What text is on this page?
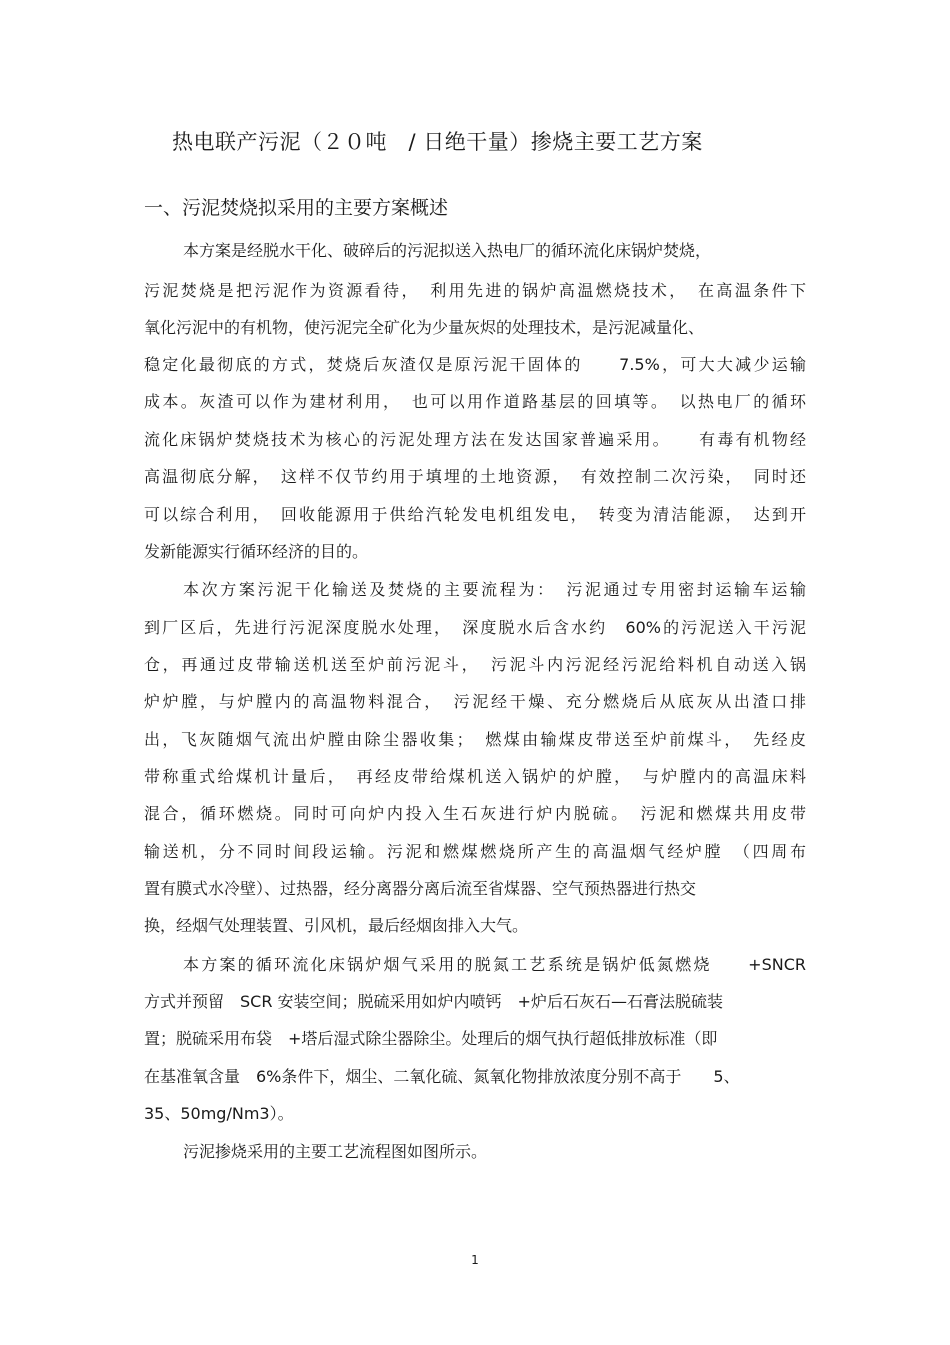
热电联产污泥（２０吨　/ 日绝干量）掺烧主要工艺方案
一、污泥焚烧拟采用的主要方案概述
本方案是经脱水干化、破碎后的污泥拟送入热电厂的循环流化床锅炉焚烧，
污泥焚烧是把污泥作为资源看待，　利用先进的锅炉高温燃烧技术，　在高温条件下
氧化污泥中的有机物，使污泥完全矿化为少量灰烬的处理技术，是污泥减量化、
稳定化最彻底的方式，焚烧后灰渣仅是原污泥干固体的　　7.5%，可大大减少运输
成本。灰渣可以作为建材利用，　也可以用作道路基层的回填等。　以热电厂的循环
流化床锅炉焚烧技术为核心的污泥处理方法在发达国家普遍采用。　　有毒有机物经
高温彻底分解，　这样不仅节约用于填埋的土地资源，　有效控制二次污染，　同时还
可以综合利用，　回收能源用于供给汽轮发电机组发电，　转变为清洁能源，　达到开
发新能源实行循环经济的目的。
本次方案污泥干化输送及焚烧的主要流程为：　污泥通过专用密封运输车运输
到厂区后，先进行污泥深度脱水处理，　深度脱水后含水约　60%的污泥送入干污泥
仓，再通过皮带输送机送至炉前污泥斗，　污泥斗内污泥经污泥给料机自动送入锅
炉炉膛，与炉膛内的高温物料混合，　污泥经干燥、充分燃烧后从底灰从出渣口排
出，飞灰随烟气流出炉膛由除尘器收集；　燃煤由输煤皮带送至炉前煤斗，　先经皮
带称重式给煤机计量后，　再经皮带给煤机送入锅炉的炉膛，　与炉膛内的高温床料
混合，循环燃烧。同时可向炉内投入生石灰进行炉内脱硫。　污泥和燃煤共用皮带
输送机，分不同时间段运输。污泥和燃煤燃烧所产生的高温烟气经炉膛　（四周布
置有膜式水冷壁）、过热器，经分离器分离后流至省煤器、空气预热器进行热交
换，经烟气处理装置、引风机，最后经烟囱排入大气。
本方案的循环流化床锅炉烟气采用的脱氮工艺系统是锅炉低氮燃烧　　+SNCR
方式并预留　SCR 安装空间；脱硫采用如炉内喷钙　+炉后石灰石—石膏法脱硫装
置；脱硫采用布袋　+塔后湿式除尘器除尘。处理后的烟气执行超低排放标准（即
在基准氧含量　6%条件下，烟尘、二氧化硫、氮氧化物排放浓度分别不高于　　5、
35、50mg/Nm3）。
污泥掺烧采用的主要工艺流程图如图所示。
1
